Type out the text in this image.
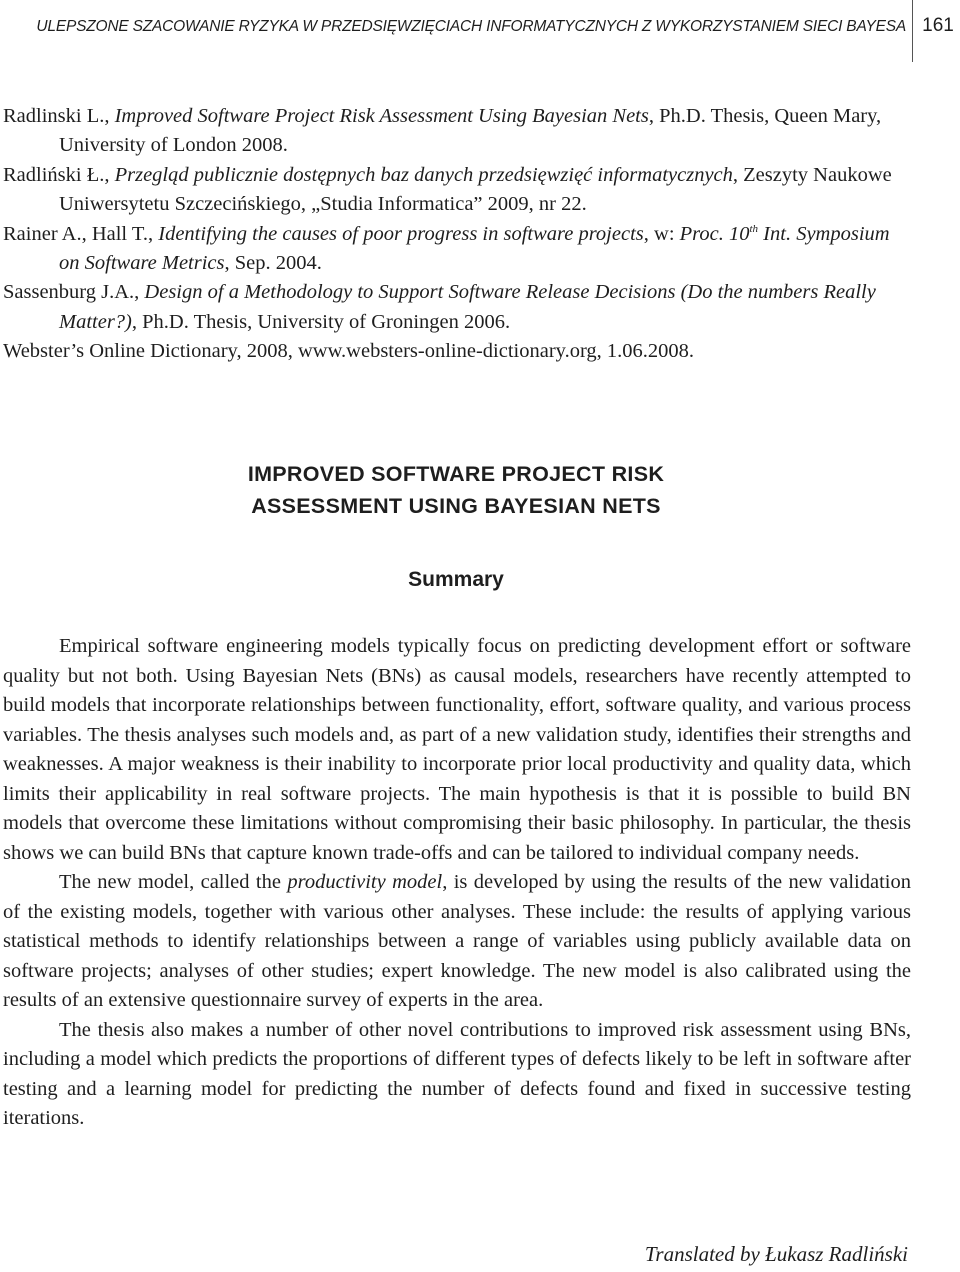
ULEPSZONE SZACOWANIE RYZYKA W PRZEDSIĘWZIĘCIACH INFORMATYCZNYCH Z WYKORZYSTANIEM SIECI BAYESA 161

Radlinski L., Improved Software Project Risk Assessment Using Bayesian Nets, Ph.D. Thesis, Queen Mary, University of London 2008.

Radliński Ł., Przegląd publicznie dostępnych baz danych przedsięwzięć informatycznych, Zeszyty Naukowe Uniwersytetu Szczecińskiego, „Studia Informatica” 2009, nr 22.

Rainer A., Hall T., Identifying the causes of poor progress in software projects, w: Proc. 10th Int. Symposium on Software Metrics, Sep. 2004.

Sassenburg J.A., Design of a Methodology to Support Software Release Decisions (Do the numbers Really Matter?), Ph.D. Thesis, University of Groningen 2006.

Webster’s Online Dictionary, 2008, www.websters-online-dictionary.org, 1.06.2008.

IMPROVED SOFTWARE PROJECT RISK
ASSESSMENT USING BAYESIAN NETS
Summary

Empirical software engineering models typically focus on predicting development effort or software quality but not both. Using Bayesian Nets (BNs) as causal models, researchers have recently attempted to build models that incorporate relationships between functionality, effort, software quality, and various process variables. The thesis analyses such models and, as part of a new validation study, identifies their strengths and weaknesses. A major weakness is their inability to incorporate prior local productivity and quality data, which limits their applicability in real software projects. The main hypothesis is that it is possible to build BN models that overcome these limitations without compromising their basic philosophy. In particular, the thesis shows we can build BNs that capture known trade-offs and can be tailored to individual company needs.

The new model, called the productivity model, is developed by using the results of the new validation of the existing models, together with various other analyses. These include: the results of applying various statistical methods to identify relationships between a range of variables using publicly available data on software projects; analyses of other studies; expert knowledge. The new model is also calibrated using the results of an extensive questionnaire survey of experts in the area.

The thesis also makes a number of other novel contributions to improved risk assessment using BNs, including a model which predicts the proportions of different types of defects likely to be left in software after testing and a learning model for predicting the number of defects found and fixed in successive testing iterations.

Translated by Łukasz Radliński
